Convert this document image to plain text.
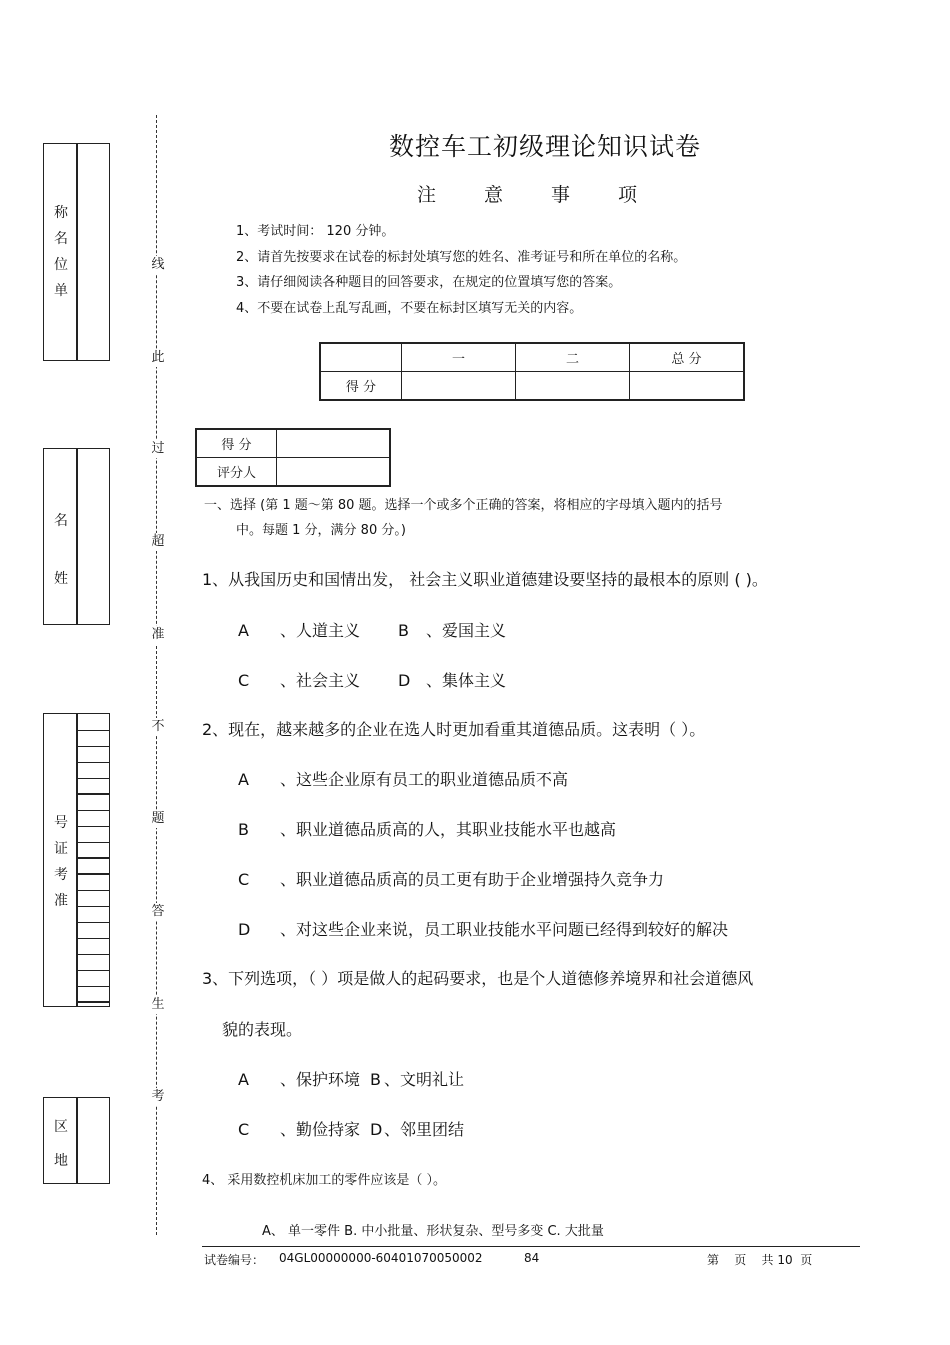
称
名
位
单
名
姓
号
证
考
准
区
地
线
此
过
超
准
不
题
答
生
考
数控车工初级理论知识试卷
注 意 事 项
1、考试时间： 120 分钟。
2、请首先按要求在试卷的标封处填写您的姓名、准考证号和所在单位的名称。
3、请仔细阅读各种题目的回答要求，在规定的位置填写您的答案。
4、不要在试卷上乱写乱画，不要在标封区填写无关的内容。
	一	二	总 分
得 分			
得 分	
评分人	
一、选择 (第 1 题～第 80 题。选择一个或多个正确的答案，将相应的字母填入题内的括号
中。每题 1 分，满分 80 分。)
1、从我国历史和国情出发， 社会主义职业道德建设要坚持的最根本的原则 ( )。
A 、人道主义 B 、爱国主义
C 、社会主义 D 、集体主义
2、现在，越来越多的企业在选人时更加看重其道德品质。这表明（ ）。
A 、这些企业原有员工的职业道德品质不高
B 、职业道德品质高的人，其职业技能水平也越高
C 、职业道德品质高的员工更有助于企业增强持久竞争力
D 、对这些企业来说，员工职业技能水平问题已经得到较好的解决
3、下列选项，（ ）项是做人的起码要求，也是个人道德修养境界和社会道德风
貌的表现。
A 、保护环境 B 、文明礼让
C 、勤俭持家 D 、邻里团结
4、 采用数控机床加工的零件应该是（ ）。
A、 单一零件 B. 中小批量、形状复杂、型号多变 C. 大批量
试卷编号： 04GL00000000-60401070050002	84	第    页    共 10  页
